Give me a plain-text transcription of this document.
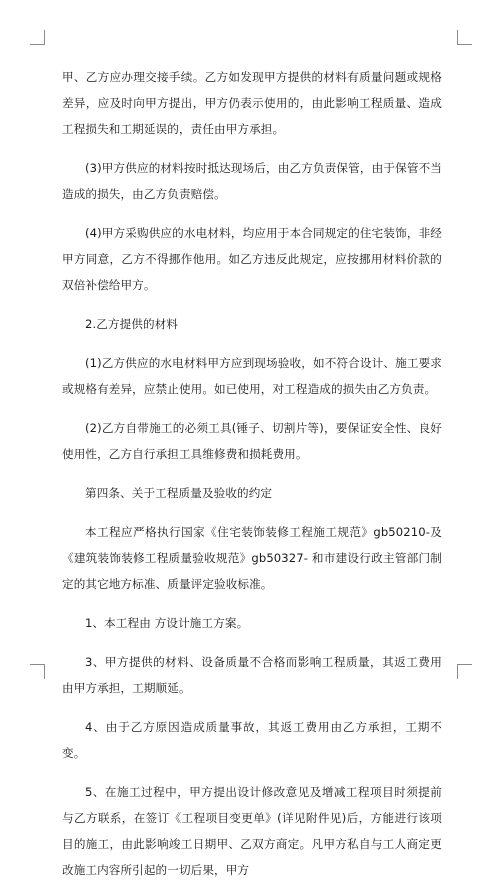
甲、乙方应办理交接手续。乙方如发现甲方提供的材料有质量问题或规格差异，应及时向甲方提出，甲方仍表示使用的，由此影响工程质量、造成工程损失和工期延误的，责任由甲方承担。

(3)甲方供应的材料按时抵达现场后，由乙方负责保管，由于保管不当造成的损失，由乙方负责赔偿。

(4)甲方采购供应的水电材料，均应用于本合同规定的住宅装饰，非经甲方同意，乙方不得挪作他用。如乙方违反此规定，应按挪用材料价款的双倍补偿给甲方。

2.乙方提供的材料

(1)乙方供应的水电材料甲方应到现场验收，如不符合设计、施工要求或规格有差异，应禁止使用。如已使用，对工程造成的损失由乙方负责。

(2)乙方自带施工的必须工具(锤子、切割片等)，要保证安全性、良好使用性，乙方自行承担工具维修费和损耗费用。

第四条、关于工程质量及验收的约定

本工程应严格执行国家《住宅装饰装修工程施工规范》gb50210-及《建筑装饰装修工程质量验收规范》gb50327- 和市建设行政主管部门制定的其它地方标准、质量评定验收标准。

1、本工程由 方设计施工方案。

3、甲方提供的材料、设备质量不合格而影响工程质量，其返工费用由甲方承担，工期顺延。

4、由于乙方原因造成质量事故，其返工费用由乙方承担，工期不变。

5、在施工过程中，甲方提出设计修改意见及增减工程项目时须提前与乙方联系，在签订《工程项目变更单》(详见附件见)后，方能进行该项目的施工，由此影响竣工日期甲、乙双方商定。凡甲方私自与工人商定更改施工内容所引起的一切后果，甲方
